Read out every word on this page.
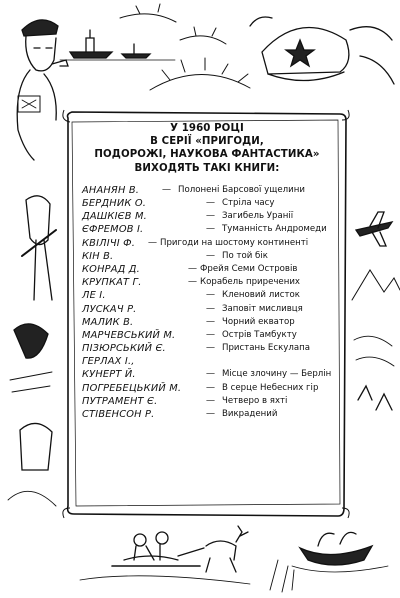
У 1960 РОЦІ
В СЕРІЇ «ПРИГОДИ,
ПОДОРОЖІ, НАУКОВА ФАНТАСТИКА»
ВИХОДЯТЬ ТАКІ КНИГИ:
АНАНЯН В.	— Полонені Барсової ущелини
БЕРДНИК О.	— Стріла часу
ДАШКІЄВ М.	— Загибель Уранії
ЄФРЕМОВ І.	— Туманність Андромеди
КВІЛІЧІ Ф. — Пригоди на шостому континенті
КІН В.	— По той бік
КОНРАД Д.	— Фрейя Семи Островів
КРУПКАТ Г.	— Корабель приречених
ЛЕ І.	— Кленовий листок
ЛУСКАЧ Р.	— Заповіт мисливця
МАЛИК В.	— Чорний екватор
МАРЧЕВСЬКИЙ М.	— Острів Тамбукту
ПІЗЮРСЬКИЙ Є.	— Пристань Ескулапа
ГЕРЛАХ І.,
КУНЕРТ Й.	— Місце злочину — Берлін
ПОГРЕБЕЦЬКИЙ М.	— В серце Небесних гір
ПУТРАМЕНТ Є.	— Четверо в яхті
СТІВЕНСОН Р.	— Викрадений
